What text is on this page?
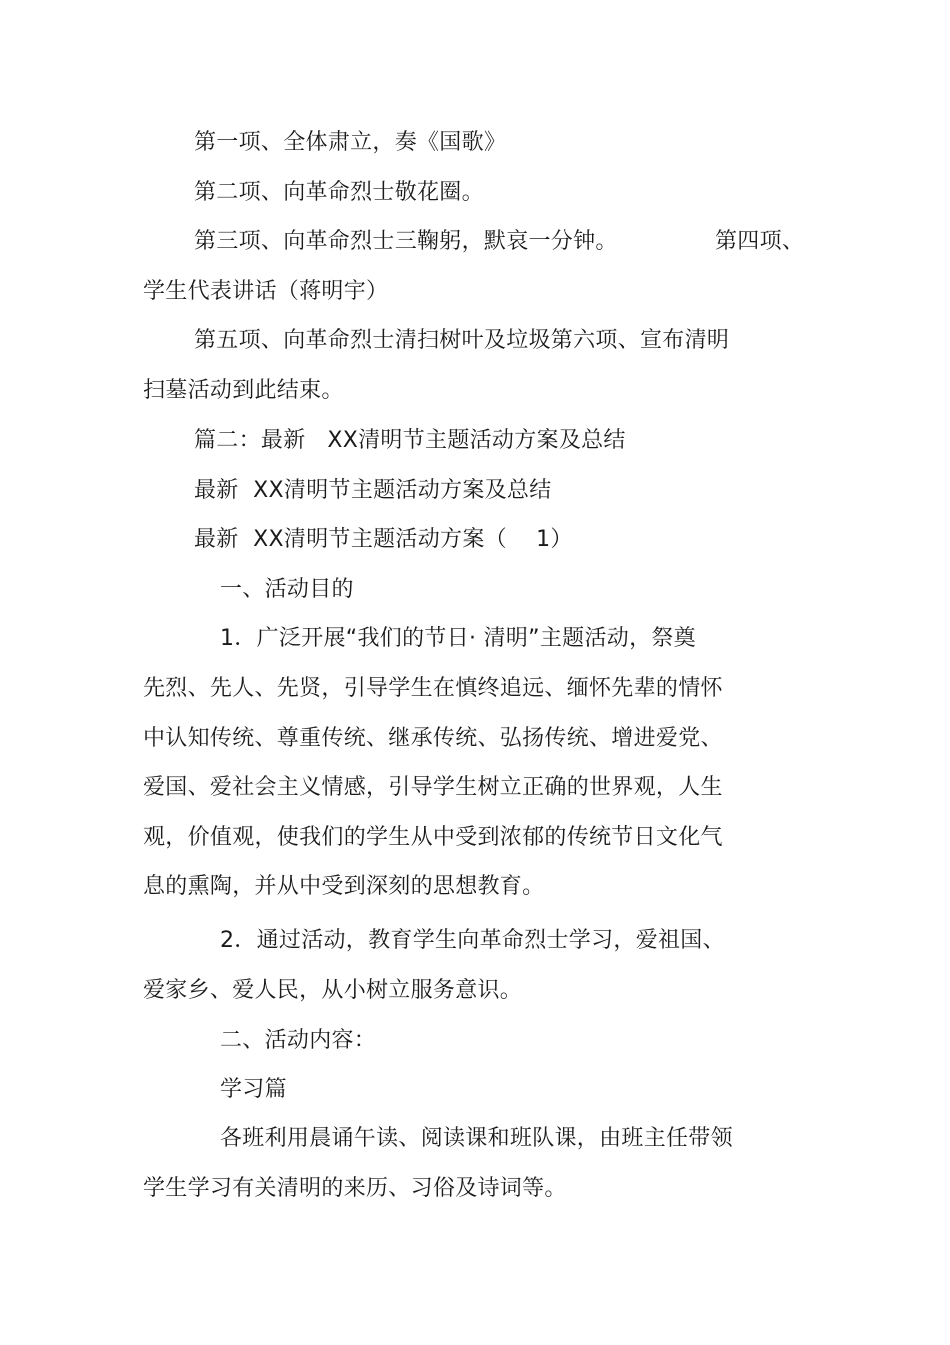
第一项、全体肃立，奏《国歌》
第二项、向革命烈士敬花圈。
第三项、向革命烈士三鞠躬，默哀一分钟。	第四项、
学生代表讲话（蒋明宇）
第五项、向革命烈士清扫树叶及垃圾第六项、宣布清明
扫墓活动到此结束。
篇二：最新   XX清明节主题活动方案及总结
最新  XX清明节主题活动方案及总结
最新  XX清明节主题活动方案（    1）
一、活动目的
1．广泛开展“我们的节日· 清明”主题活动，祭奠
先烈、先人、先贤，引导学生在慎终追远、缅怀先辈的情怀
中认知传统、尊重传统、继承传统、弘扬传统、增进爱党、
爱国、爱社会主义情感，引导学生树立正确的世界观，人生
观，价值观，使我们的学生从中受到浓郁的传统节日文化气
息的熏陶，并从中受到深刻的思想教育。
2．通过活动，教育学生向革命烈士学习，爱祖国、
爱家乡、爱人民，从小树立服务意识。
二、活动内容：
学习篇
各班利用晨诵午读、阅读课和班队课，由班主任带领
学生学习有关清明的来历、习俗及诗词等。
